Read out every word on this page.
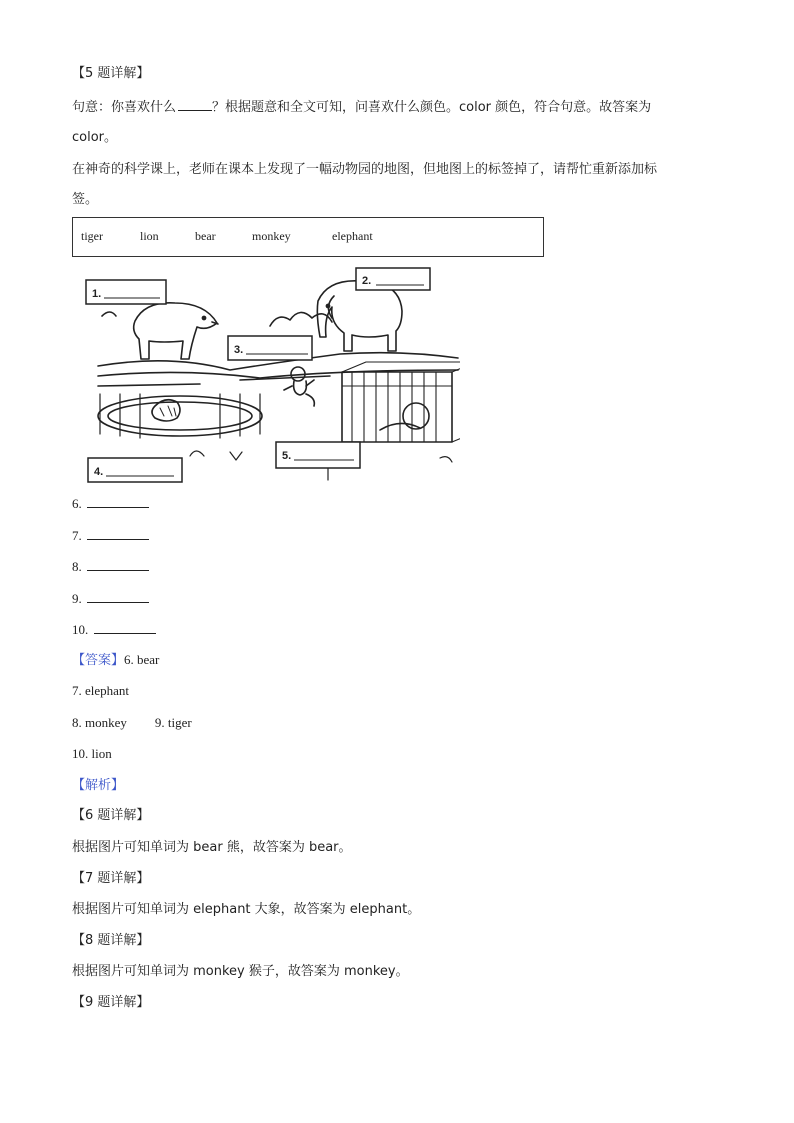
【5 题详解】
句意：你喜欢什么	？根据题意和全文可知，问喜欢什么颜色。color 颜色，符合句意。故答案为
color。
在神奇的科学课上，老师在课本上发现了一幅动物园的地图，但地图上的标签掉了，请帮忙重新添加标
签。
tiger	lion	bear	monkey	elephant
1.
2.
3.
4.
5.
6.
7.
8.
9.
10.
【答案】6. bear
7. elephant
8. monkey 9. tiger
10. lion
【解析】
【6 题详解】
根据图片可知单词为 bear 熊，故答案为 bear。
【7 题详解】
根据图片可知单词为 elephant 大象，故答案为 elephant。
【8 题详解】
根据图片可知单词为 monkey 猴子，故答案为 monkey。
【9 题详解】
